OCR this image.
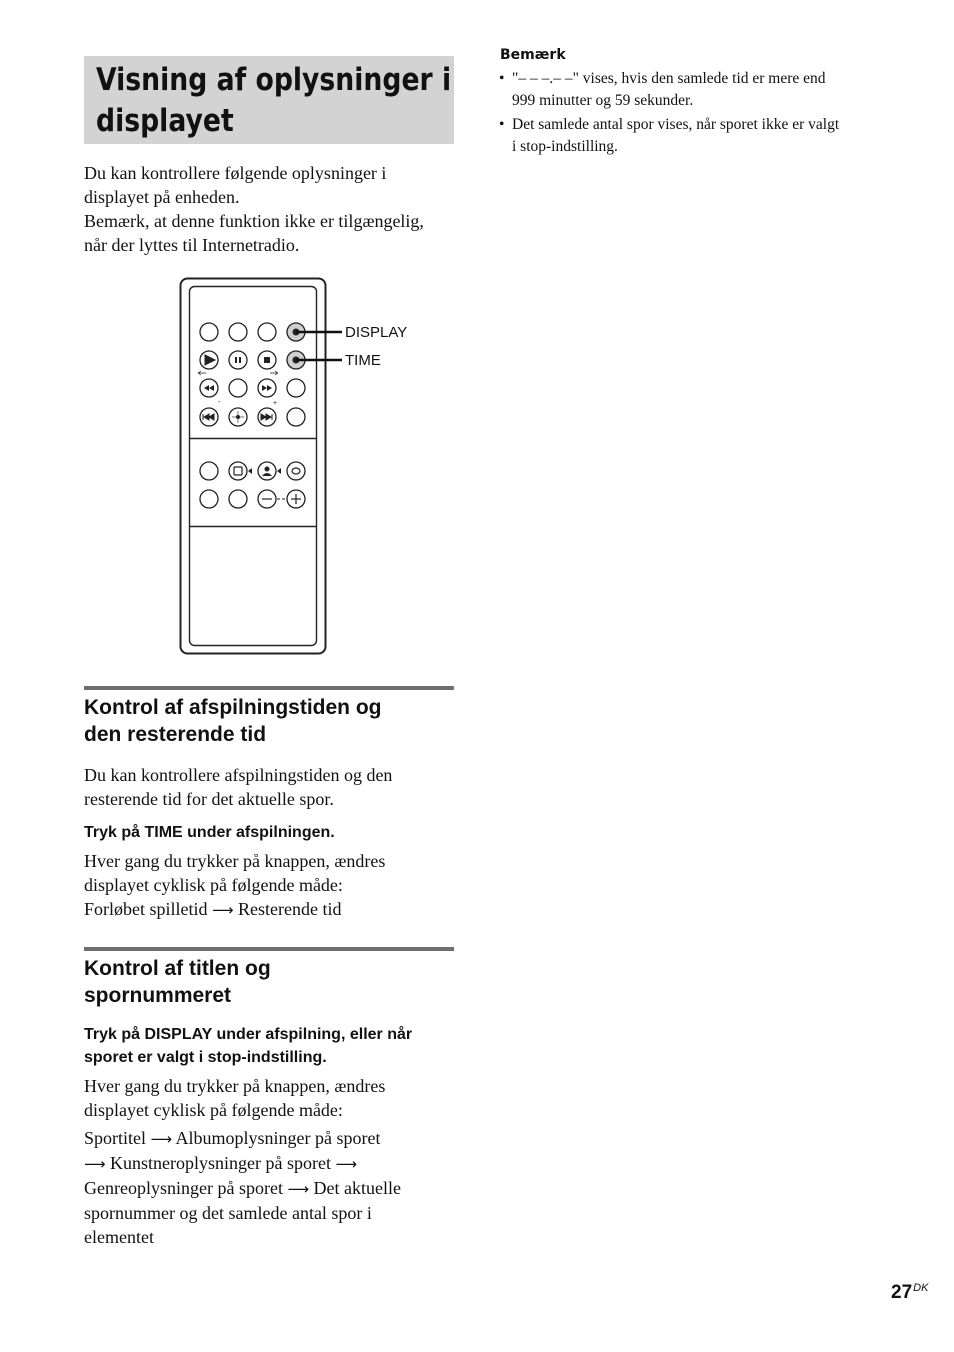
Visning af oplysninger i
displayet

Du kan kontrollere følgende oplysninger i
displayet på enheden.
Bemærk, at denne funktion ikke er tilgængelig,
når der lyttes til Internetradio.

-	+
DISPLAY
TIME
Kontrol af afspilningstiden og
den resterende tid

Du kan kontrollere afspilningstiden og den
resterende tid for det aktuelle spor.

Tryk på TIME under afspilningen.

Hver gang du trykker på knappen, ændres
displayet cyklisk på følgende måde:
Forløbet spilletid ⟶ Resterende tid

Kontrol af titlen og
spornummeret

Tryk på DISPLAY under afspilning, eller når
sporet er valgt i stop-indstilling.

Hver gang du trykker på knappen, ændres
displayet cyklisk på følgende måde:

Sportitel ⟶ Albumoplysninger på sporet
⟶ Kunstneroplysninger på sporet ⟶
Genreoplysninger på sporet ⟶ Det aktuelle
spornummer og det samlede antal spor i
elementet

Bemærk

• "– – –.– –" vises, hvis den samlede tid er mere end
999 minutter og 59 sekunder.
• Det samlede antal spor vises, når sporet ikke er valgt
i stop-indstilling.
$27^{DK}$
